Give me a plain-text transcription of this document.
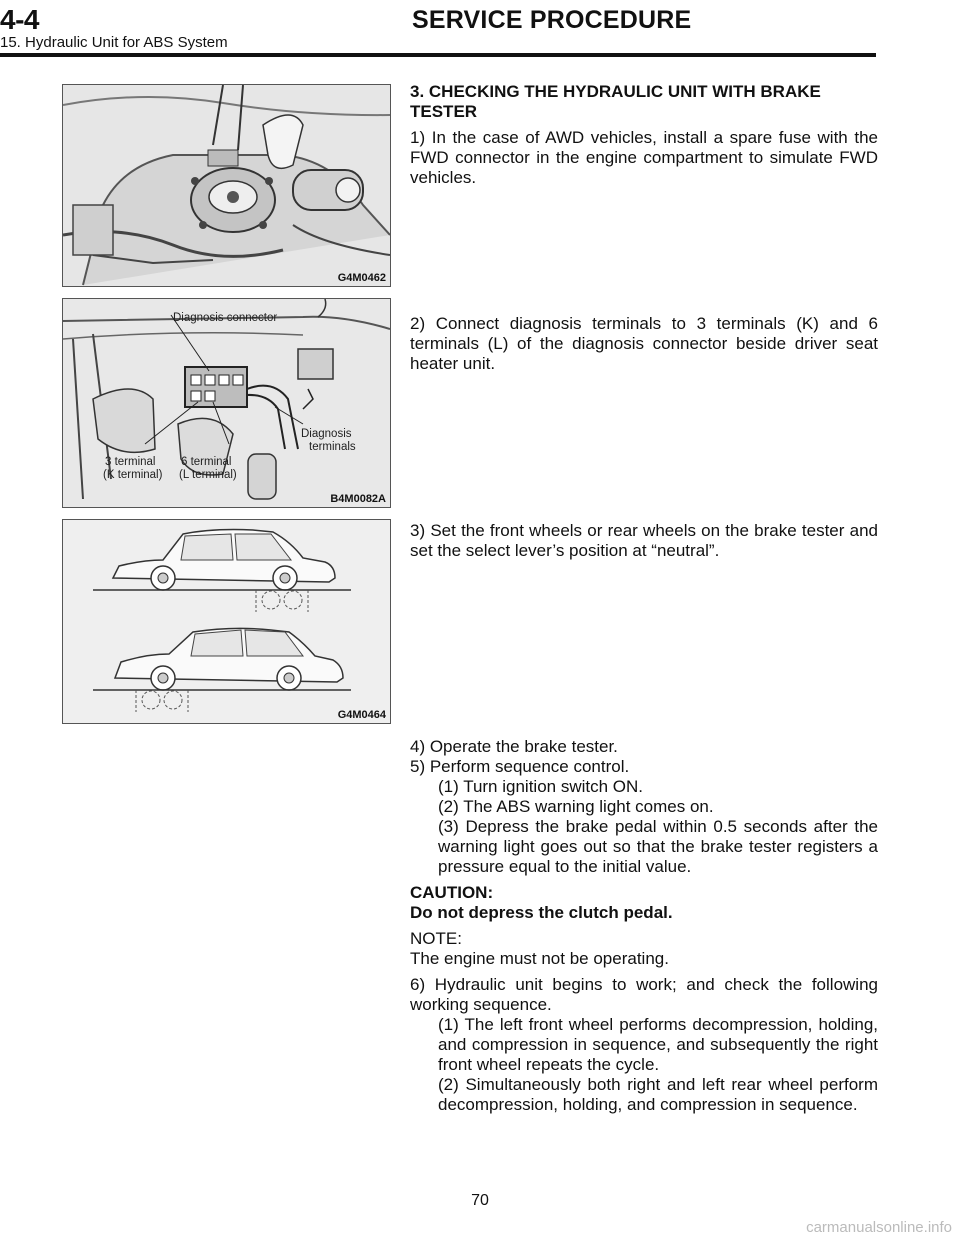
4-4	SERVICE PROCEDURE
15. Hydraulic Unit for ABS System
G4M0462
Diagnosis connector
Diagnosis
terminals
3 terminal
(K terminal)
6 terminal
(L terminal)
B4M0082A
G4M0464

3. CHECKING THE HYDRAULIC UNIT WITH BRAKE

TESTER

1) In the case of AWD vehicles, install a spare fuse with the FWD connector in the engine compartment to simulate FWD vehicles.

2) Connect diagnosis terminals to 3 terminals (K) and 6 terminals (L) of the diagnosis connector beside driver seat heater unit.

3) Set the front wheels or rear wheels on the brake tester and set the select lever’s position at “neutral”.

4) Operate the brake tester.

5) Perform sequence control.

(1) Turn ignition switch ON.

(2) The ABS warning light comes on.

(3) Depress the brake pedal within 0.5 seconds after the warning light goes out so that the brake tester registers a pressure equal to the initial value.

CAUTION:

Do not depress the clutch pedal.

NOTE:

The engine must not be operating.

6) Hydraulic unit begins to work; and check the following working sequence.

(1) The left front wheel performs decompression, holding, and compression in sequence, and subsequently the right front wheel repeats the cycle.

(2) Simultaneously both right and left rear wheel perform decompression, holding, and compression in sequence.

70
carmanualsonline.info
